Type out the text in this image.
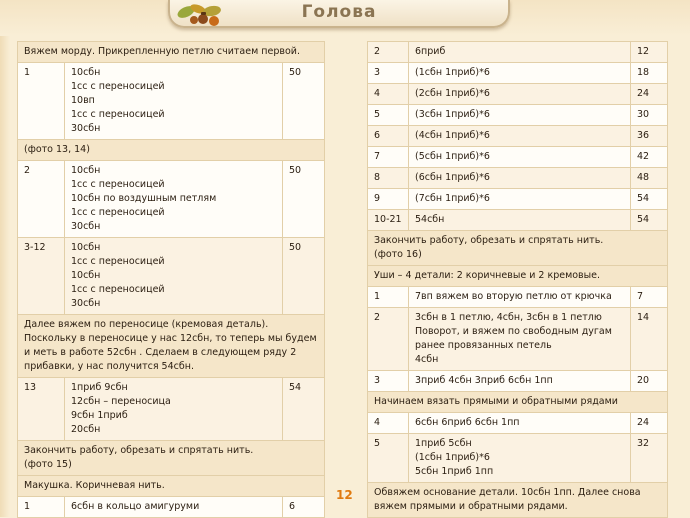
Голова
Вяжем морду. Прикрепленную петлю считаем первой.		

1	10сбн
1сс с переносицей
10вп
1сс с переносицей
30сбн	50

(фото 13, 14)		

2	10сбн
1сс с переносицей
10сбн по воздушным петлям
1сс с переносицей
30сбн	50
3-12	10сбн
1сс с переносицей
10сбн
1сс с переносицей
30сбн	50

Далее вяжем по переносице (кремовая деталь).
Поскольку в переносице у нас 12сбн, то теперь мы будем
и меть в работе 52сбн . Сделаем в следующем ряду 2
прибавки, у нас получится 54сбн.		

13	1приб 9сбн
12сбн – переносица
9сбн 1приб
20сбн	54

Закончить работу, обрезать и спрятать нить.
(фото 15)		

Макушка. Коричневая нить.		

1	6сбн в кольцо амигуруми	6
2	6приб	12
3	(1сбн 1приб)*6	18
4	(2сбн 1приб)*6	24
5	(3сбн 1приб)*6	30
6	(4сбн 1приб)*6	36
7	(5сбн 1приб)*6	42
8	(6сбн 1приб)*6	48
9	(7сбн 1приб)*6	54
10-21	54сбн	54

Закончить работу, обрезать и спрятать нить.
(фото 16)		

Уши – 4 детали: 2 коричневые и 2 кремовые.		

1	7вп вяжем во вторую петлю от крючка	7
2	3сбн в 1 петлю, 4сбн, 3сбн в 1 петлю
Поворот, и вяжем по свободным дугам
ранее провязанных петель
4сбн	14
3	3приб 4сбн 3приб 6сбн 1пп	20

Начинаем вязать прямыми и обратными рядами		

4	6сбн 6приб 6сбн 1пп	24
5	1приб 5сбн
(1сбн 1приб)*6
5сбн 1приб 1пп	32

Обвяжем основание детали. 10сбн 1пп. Далее снова
вяжем прямыми и обратными рядами.		
12
